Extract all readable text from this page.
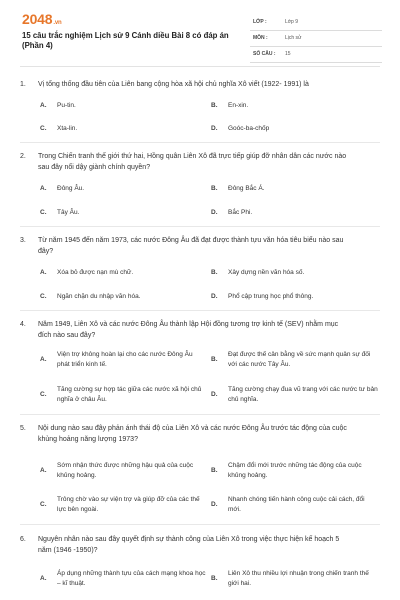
2048.vn
15 câu trắc nghiệm Lịch sử 9 Cánh diều Bài 8 có đáp án (Phần 4)
LỚP :	Lớp 9
MÔN :	Lịch sử
SỐ CÂU : 15
1. Vị tổng thống đầu tiên của Liên bang cộng hòa xã hội chủ nghĩa Xô viết (1922- 1991) là
A. Pu-tin.	B. En-xin.
C. Xta-lin.	D. Goóc-ba-chốp
2. Trong Chiến tranh thế giới thứ hai, Hồng quân Liên Xô đã trực tiếp giúp đỡ nhân dân các nước nào sau đây nổi dậy giành chính quyền?
A. Đông Âu.	B. Đông Bắc Á.
C. Tây Âu.	D. Bắc Phi.
3. Từ năm 1945 đến năm 1973, các nước Đông Âu đã đạt được thành tựu văn hóa tiêu biểu nào sau đây?
A. Xóa bỏ được nạn mù chữ.	B. Xây dựng nền văn hóa số.
C. Ngăn chặn du nhập văn hóa.	D. Phổ cập trung học phổ thông.
4. Năm 1949, Liên Xô và các nước Đông Âu thành lập Hội đồng tương trợ kinh tế (SEV) nhằm mục đích nào sau đây?
A.
Viện trợ không hoàn lại cho các nước Đông Âu phát triển kinh tế.
B.
Đạt được thế cân bằng về sức mạnh quân sự đối với các nước Tây Âu.
C.
Tăng cường sự hợp tác giữa các nước xã hội chủ nghĩa ở châu Âu.
D.
Tăng cường chạy đua vũ trang với các nước tư bản chủ nghĩa.
5. Nội dung nào sau đây phản ánh thái độ của Liên Xô và các nước Đông Âu trước tác động của cuộc khủng hoảng năng lượng 1973?
A.
Sớm nhận thức được những hậu quả của cuộc khủng hoảng.
B.
Chậm đổi mới trước những tác động của cuộc khủng hoảng.
C.
Trông chờ vào sự viện trợ và giúp đỡ của các thế lực bên ngoài.
D.
Nhanh chóng tiến hành công cuộc cải cách, đổi mới.
6. Nguyên nhân nào sau đây quyết định sự thành công của Liên Xô trong việc thực hiện kế hoạch 5 năm (1946 -1950)?
A.
Áp dụng những thành tựu của cách mạng khoa học – kĩ thuật.
B.
Liên Xô thu nhiều lợi nhuận trong chiến tranh thế giới hai.
